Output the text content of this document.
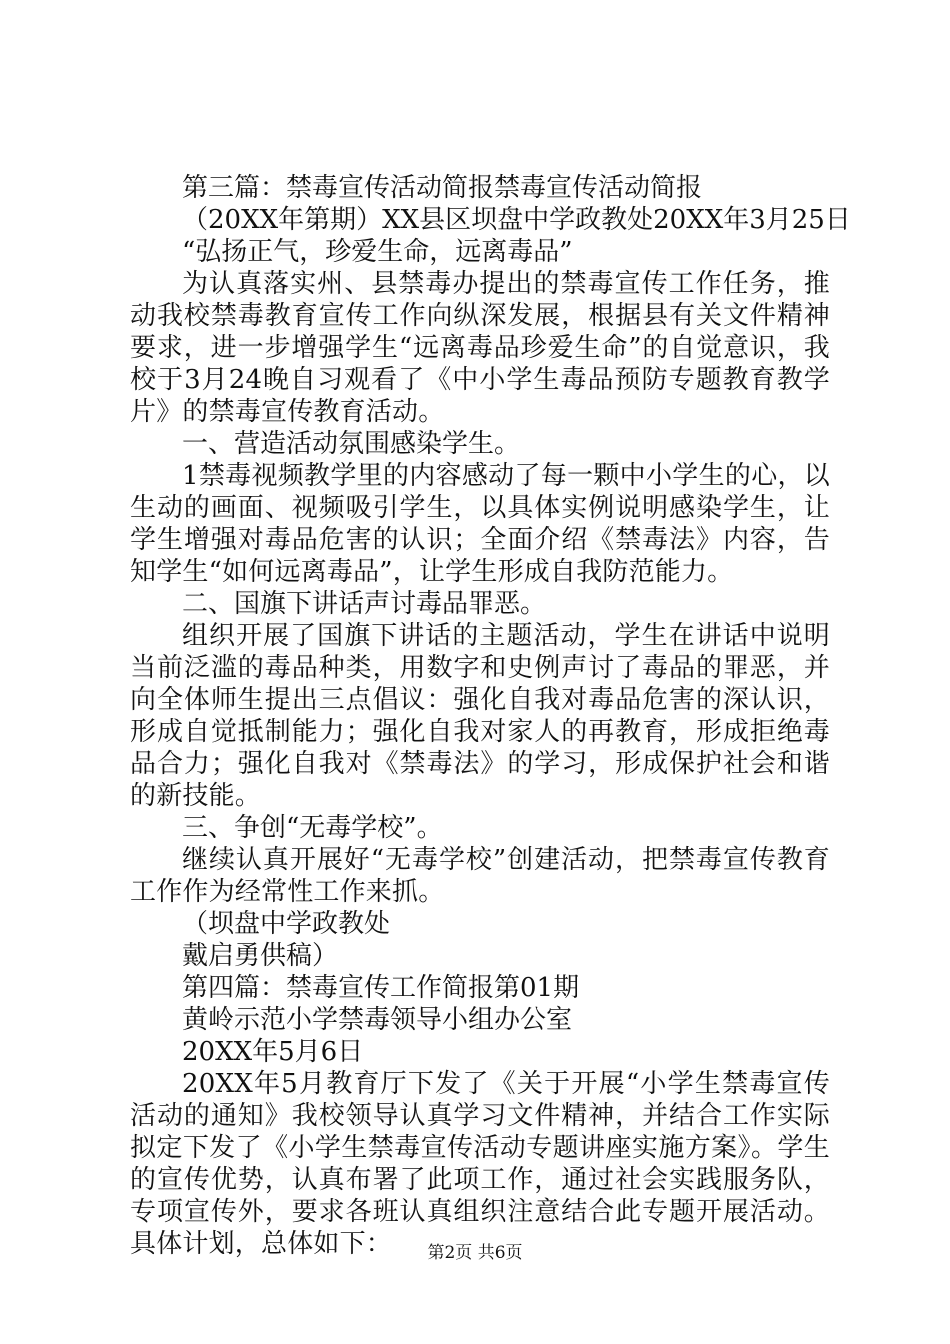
第三篇：禁毒宣传活动简报禁毒宣传活动简报

（20XX年第期）XX县区坝盘中学政教处20XX年3月25日

“弘扬正气，珍爱生命，远离毒品”

为认真落实州、县禁毒办提出的禁毒宣传工作任务，推动我校禁毒教育宣传工作向纵深发展，根据县有关文件精神要求，进一步增强学生“远离毒品珍爱生命”的自觉意识，我校于3月24晚自习观看了《中小学生毒品预防专题教育教学片》的禁毒宣传教育活动。

一、营造活动氛围感染学生。

1禁毒视频教学里的内容感动了每一颗中小学生的心，以生动的画面、视频吸引学生，以具体实例说明感染学生，让学生增强对毒品危害的认识；全面介绍《禁毒法》内容，告知学生“如何远离毒品”，让学生形成自我防范能力。

二、国旗下讲话声讨毒品罪恶。

组织开展了国旗下讲话的主题活动，学生在讲话中说明当前泛滥的毒品种类，用数字和史例声讨了毒品的罪恶，并向全体师生提出三点倡议：强化自我对毒品危害的深认识，形成自觉抵制能力；强化自我对家人的再教育，形成拒绝毒品合力；强化自我对《禁毒法》的学习，形成保护社会和谐的新技能。

三、争创“无毒学校”。

继续认真开展好“无毒学校”创建活动，把禁毒宣传教育工作作为经常性工作来抓。

（坝盘中学政教处

戴启勇供稿）

第四篇：禁毒宣传工作简报第01期

黄岭示范小学禁毒领导小组办公室

20XX年5月6日

20XX年5月教育厅下发了《关于开展“小学生禁毒宣传活动的通知》我校领导认真学习文件精神，并结合工作实际拟定下发了《小学生禁毒宣传活动专题讲座实施方案》。学生的宣传优势，认真布署了此项工作，通过社会实践服务队，专项宣传外，要求各班认真组织注意结合此专题开展活动。具体计划，总体如下：	第2页 共6页
